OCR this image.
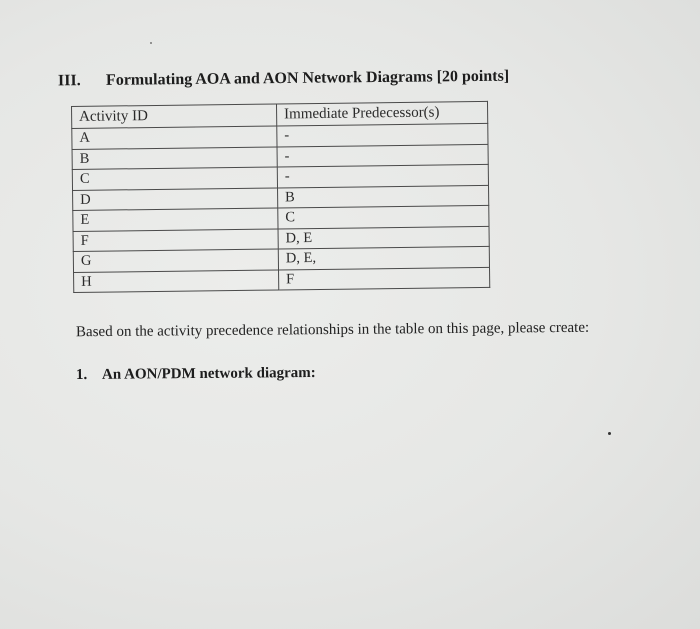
III. Formulating AOA and AON Network Diagrams [20 points]
Activity ID	Immediate Predecessor(s)
A	-
B	-
C	-
D	B
E	C
F	D, E
G	D, E,
H	F
Based on the activity precedence relationships in the table on this page, please create:
1. An AON/PDM network diagram:
